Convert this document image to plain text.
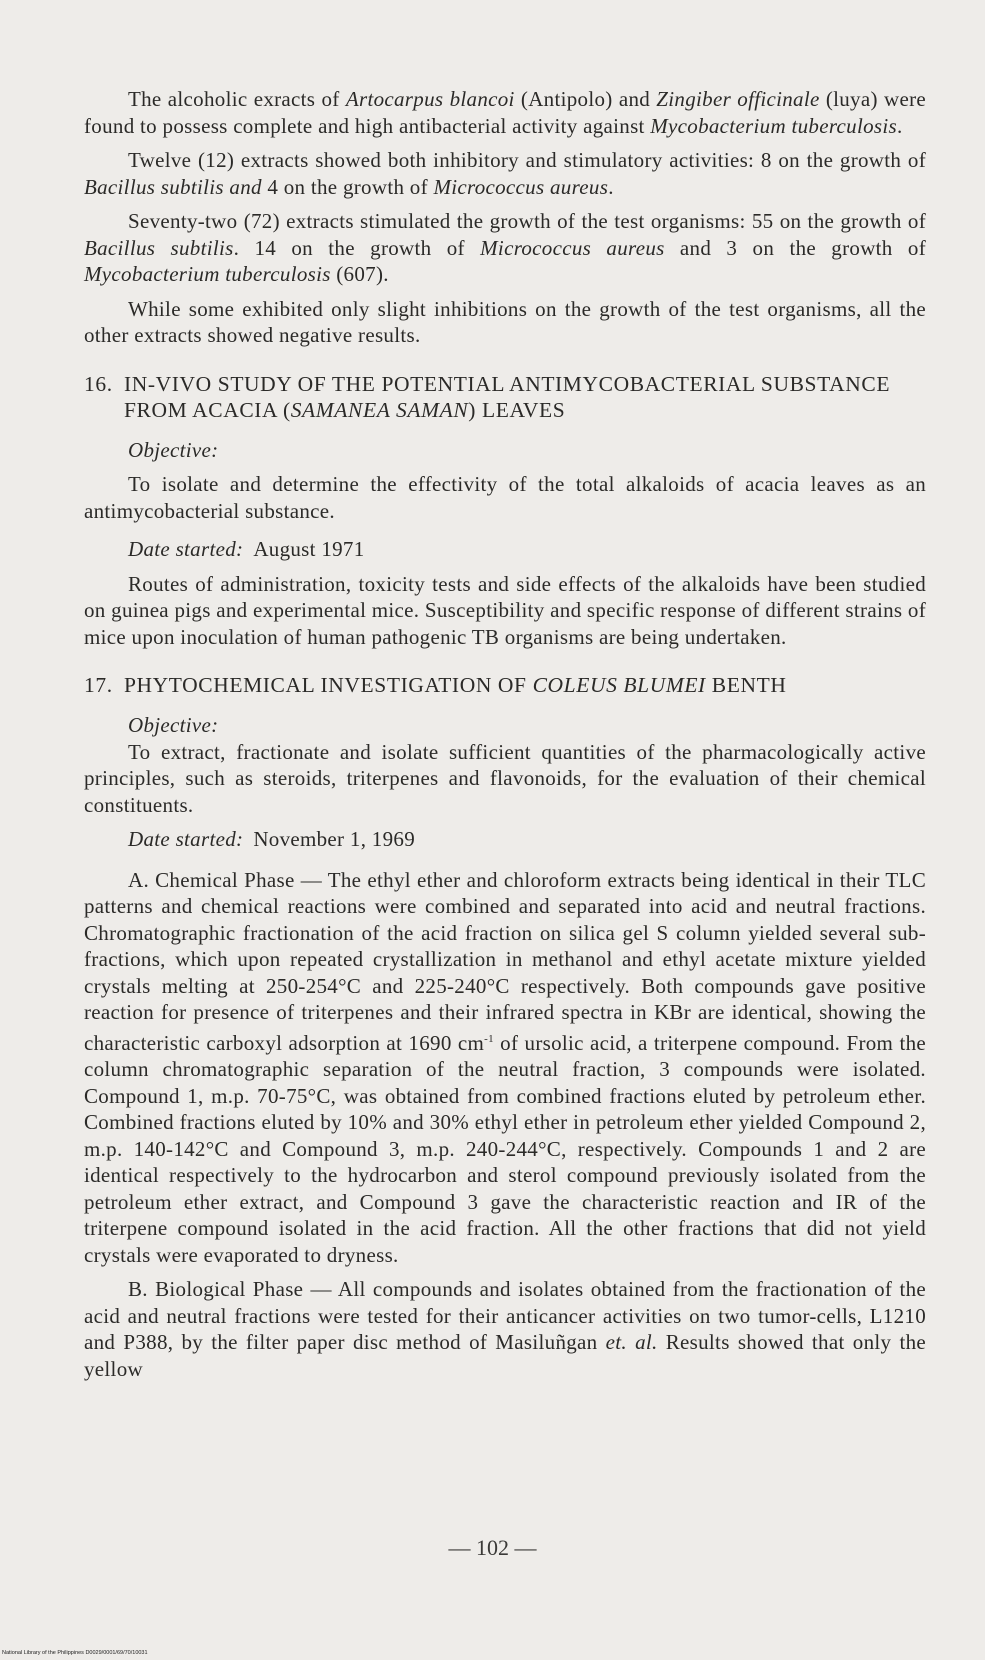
The alcoholic exracts of Artocarpus blancoi (Antipolo) and Zingiber officinale (luya) were found to possess complete and high antibacterial activity against Mycobacterium tuberculosis.

Twelve (12) extracts showed both inhibitory and stimulatory activities: 8 on the growth of Bacillus subtilis and 4 on the growth of Micrococcus aureus.

Seventy-two (72) extracts stimulated the growth of the test organisms: 55 on the growth of Bacillus subtilis. 14 on the growth of Micrococcus aureus and 3 on the growth of Mycobacterium tuberculosis (607).

While some exhibited only slight inhibitions on the growth of the test organisms, all the other extracts showed negative results.

16. IN-VIVO STUDY OF THE POTENTIAL ANTIMYCOBACTERIAL SUBSTANCE FROM ACACIA (SAMANEA SAMAN) LEAVES
Objective:

To isolate and determine the effectivity of the total alkaloids of acacia leaves as an antimycobacterial substance.

Date started: August 1971

Routes of administration, toxicity tests and side effects of the alkaloids have been studied on guinea pigs and experimental mice. Susceptibility and specific response of different strains of mice upon inoculation of human pathogenic TB organisms are being undertaken.

17. PHYTOCHEMICAL INVESTIGATION OF COLEUS BLUMEI BENTH
Objective:

To extract, fractionate and isolate sufficient quantities of the pharmacologically active principles, such as steroids, triterpenes and flavonoids, for the evaluation of their chemical constituents.

Date started: November 1, 1969

A. Chemical Phase — The ethyl ether and chloroform extracts being identical in their TLC patterns and chemical reactions were combined and separated into acid and neutral fractions. Chromatographic fractionation of the acid fraction on silica gel S column yielded several sub-fractions, which upon repeated crystallization in methanol and ethyl acetate mixture yielded crystals melting at 250-254°C and 225-240°C respectively. Both compounds gave positive reaction for presence of triterpenes and their infrared spectra in KBr are identical, showing the characteristic carboxyl adsorption at 1690 $cm^{-1}$ of ursolic acid, a triterpene compound. From the column chromatographic separation of the neutral fraction, 3 compounds were isolated. Compound 1, m.p. 70-75°C, was obtained from combined fractions eluted by petroleum ether. Combined fractions eluted by 10% and 30% ethyl ether in petroleum ether yielded Compound 2, m.p. 140-142°C and Compound 3, m.p. 240-244°C, respectively. Compounds 1 and 2 are identical respectively to the hydrocarbon and sterol compound previously isolated from the petroleum ether extract, and Compound 3 gave the characteristic reaction and IR of the triterpene compound isolated in the acid fraction. All the other fractions that did not yield crystals were evaporated to dryness.

B. Biological Phase — All compounds and isolates obtained from the fractionation of the acid and neutral fractions were tested for their anticancer activities on two tumor-cells, L1210 and P388, by the filter paper disc method of Masiluñgan et. al. Results showed that only the yellow

— 102 —
National Library of the Philippines D0029/0001/69/70/10031
